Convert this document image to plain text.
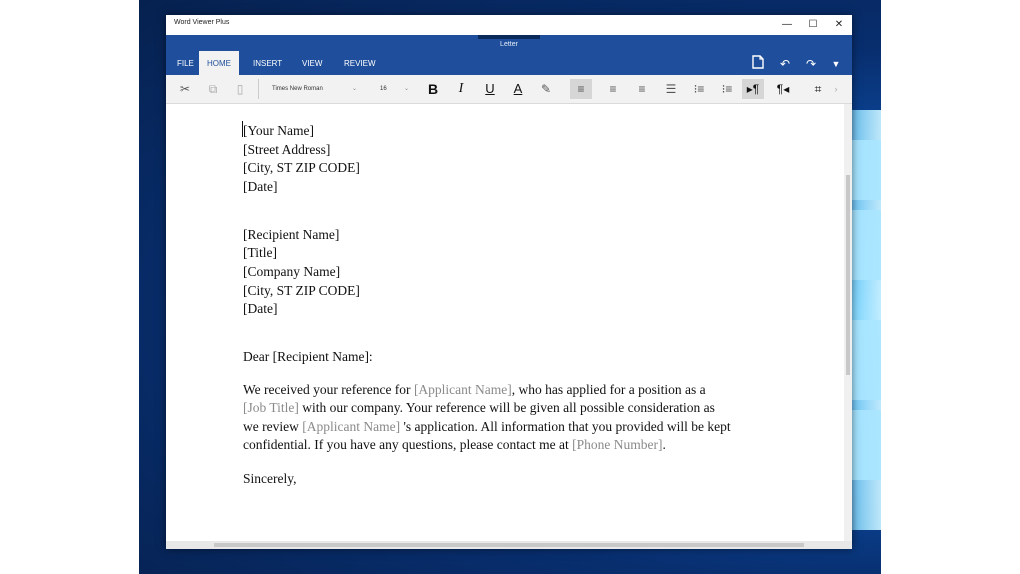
Word Viewer Plus	—	☐	✕
Letter
FILE	HOME	INSERT	VIEW	REVIEW	↶	↷	▼
✂	⧉	▯	Times New Roman	⌄	16	⌄	B	I	U	A	✎	≡	≡	≡	☰	⁝≡	⁝≡	▸¶	¶◂	⌗	›
[Your Name]
[Street Address]
[City, ST ZIP CODE]
[Date]
[Recipient Name]
[Title]
[Company Name]
[City, ST ZIP CODE]
[Date]
Dear [Recipient Name]:
We received your reference for [Applicant Name], who has applied for a position as a
[Job Title] with our company. Your reference will be given all possible consideration as
we review [Applicant Name] 's application. All information that you provided will be kept
confidential. If you have any questions, please contact me at [Phone Number].
Sincerely,
